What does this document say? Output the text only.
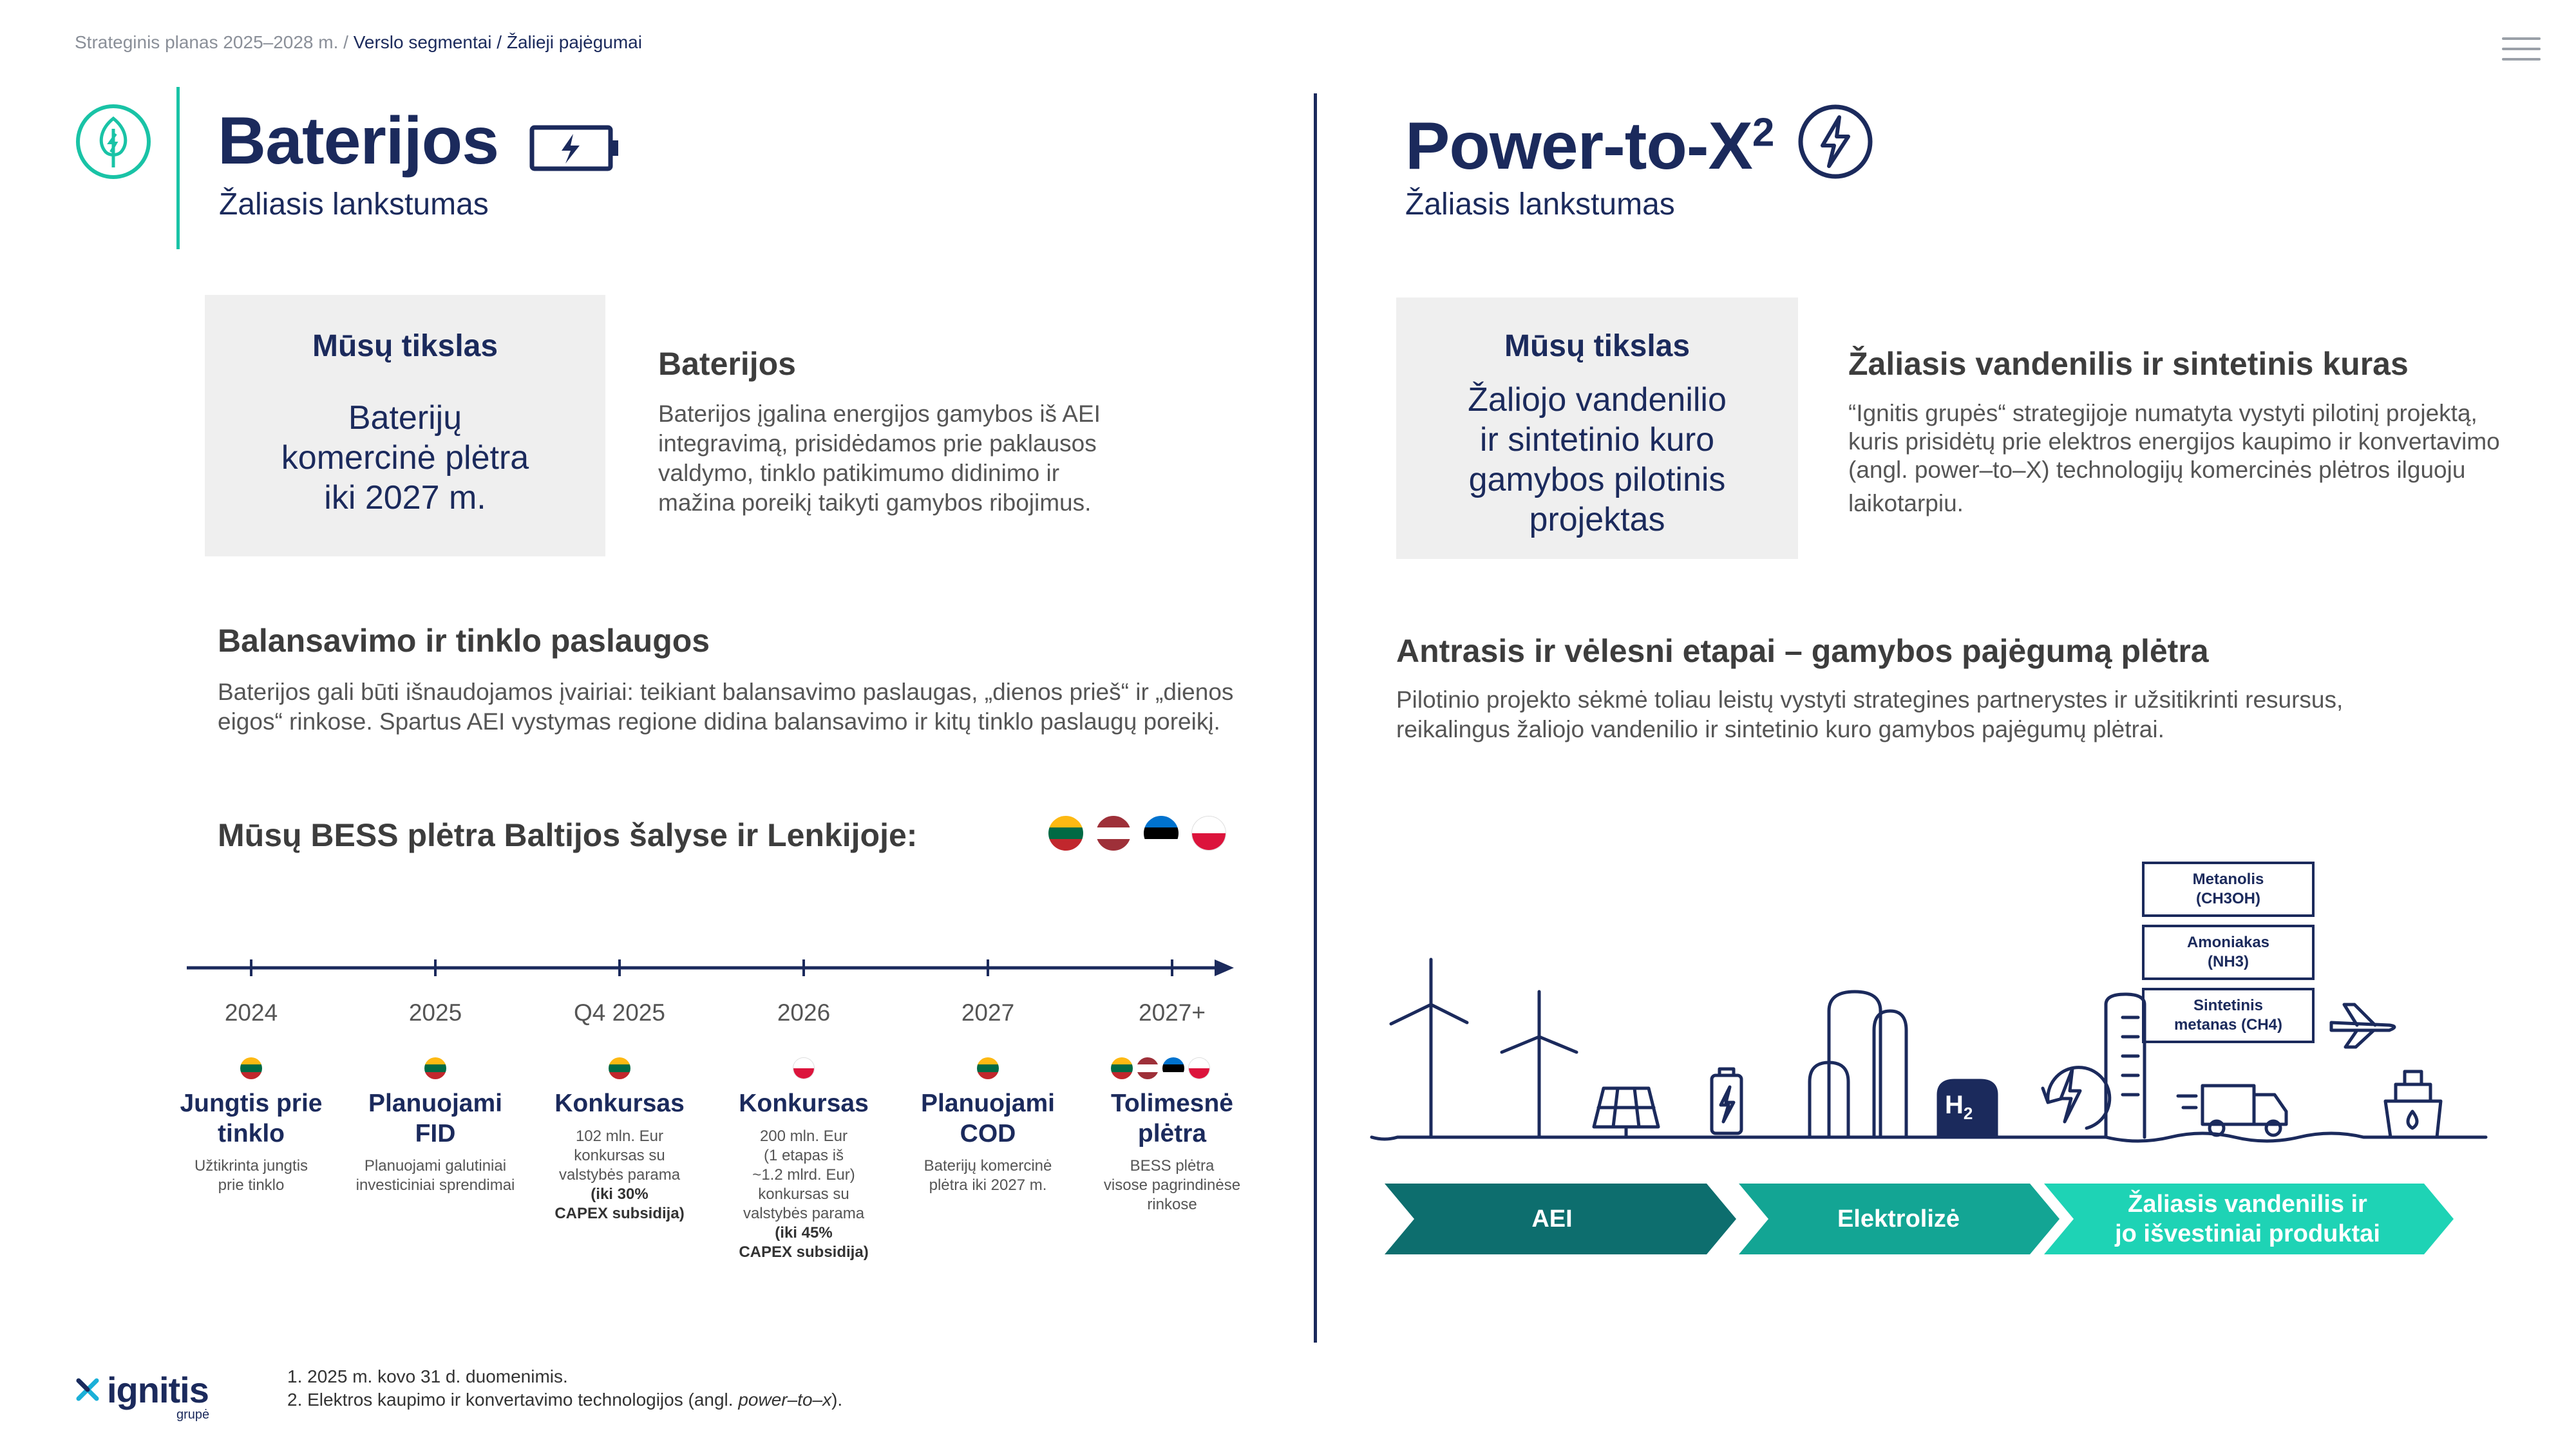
Strateginis planas 2025–2028 m. / Verslo segmentai / Žalieji pajėgumai
Baterijos
Žaliasis lankstumas
Mūsų tikslas
Baterijų
komercinė plėtra
iki 2027 m.
Baterijos
Baterijos įgalina energijos gamybos iš AEI
integravimą, prisidėdamos prie paklausos
valdymo, tinklo patikimumo didinimo ir
mažina poreikį taikyti gamybos ribojimus.
Balansavimo ir tinklo paslaugos
Baterijos gali būti išnaudojamos įvairiai: teikiant balansavimo paslaugas, „dienos prieš“ ir „dienos
eigos“ rinkose. Spartus AEI vystymas regione didina balansavimo ir kitų tinklo paslaugų poreikį.
Mūsų BESS plėtra Baltijos šalyse ir Lenkijoje:
2024
Jungtis prie
tinklo
Užtikrinta jungtis
prie tinklo
2025
Planuojami
FID
Planuojami galutiniai
investiciniai sprendimai
Q4 2025
Konkursas
102 mln. Eur
konkursas su
valstybės parama
(iki 30%
CAPEX subsidija)
2026
Konkursas
200 mln. Eur
(1 etapas iš
~1.2 mlrd. Eur)
konkursas su
valstybės parama
(iki 45%
CAPEX subsidija)
2027
Planuojami
COD
Baterijų komercinė
plėtra iki 2027 m.
2027+
Tolimesnė
plėtra
BESS plėtra
visose pagrindinėse
rinkose
Power-$to-X^2$
Žaliasis lankstumas
Mūsų tikslas
Žaliojo vandenilio
ir sintetinio kuro
gamybos pilotinis
projektas
Žaliasis vandenilis ir sintetinis kuras
“Ignitis grupės“ strategijoje numatyta vystyti pilotinį projektą,
kuris prisidėtų prie elektros energijos kaupimo ir konvertavimo
(angl. power–to–X) technologijų komercinės plėtros ilguoju
laikotarpiu.
Antrasis ir vėlesni etapai – gamybos pajėgumą plėtra
Pilotinio projekto sėkmė toliau leistų vystyti strategines partnerystes ir užsitikrinti resursus,
reikalingus žaliojo vandenilio ir sintetinio kuro gamybos pajėgumų plėtrai.
Metanolis
(CH3OH)
Amoniakas
(NH3)
Sintetinis
metanas (CH4)
$H_2$
AEI	Elektrolizė
Žaliasis vandenilis ir
jo išvestiniai produktai
ignitis
grupė
1. 2025 m. kovo 31 d. duomenimis.
2. Elektros kaupimo ir konvertavimo technologijos (angl. power–to–x).
